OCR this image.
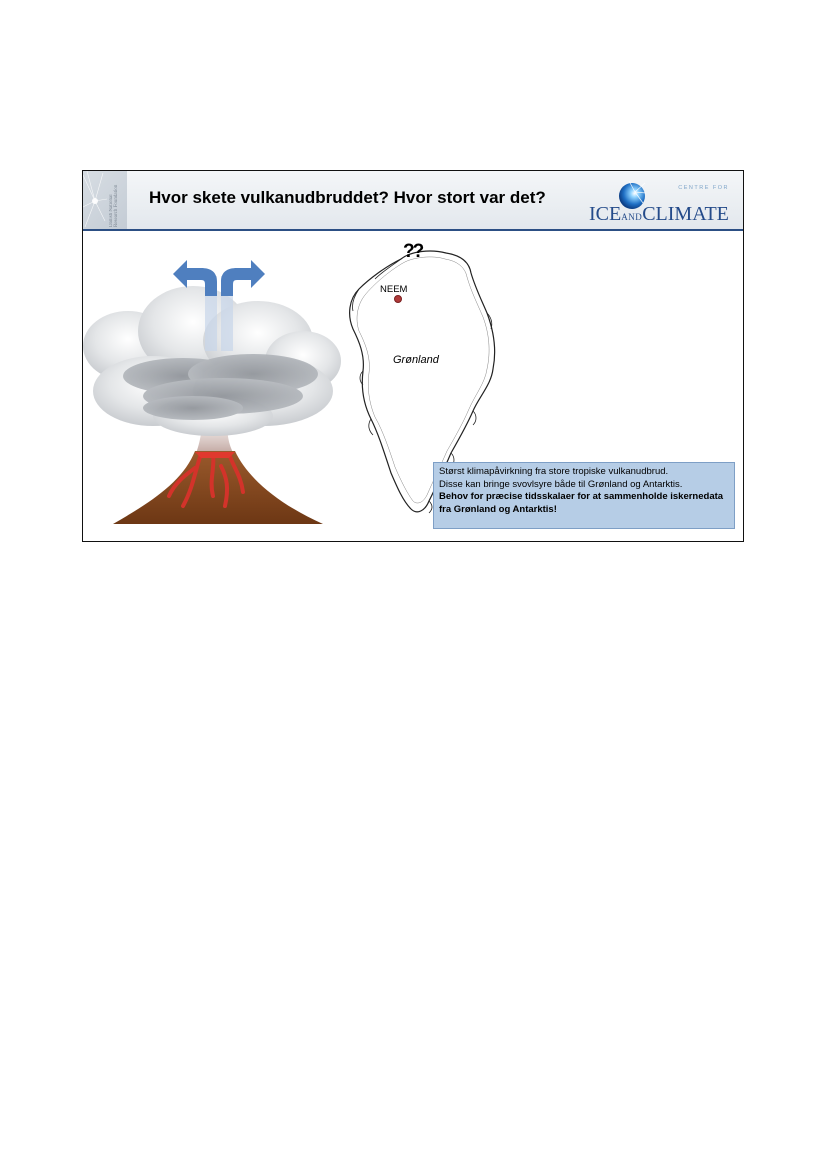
Danish National
Research Foundation Hvor skete vulkanudbruddet? Hvor stort var det?	CENTRE FOR
ICEANDCLIMATE
??
NEEM
Grønland
Størst klimapåvirkning fra store tropiske vulkanudbrud.
Disse kan bringe svovlsyre både til Grønland og Antarktis.
Behov for præcise tidsskalaer for at sammenholde iskernedata fra Grønland og Antarktis!
